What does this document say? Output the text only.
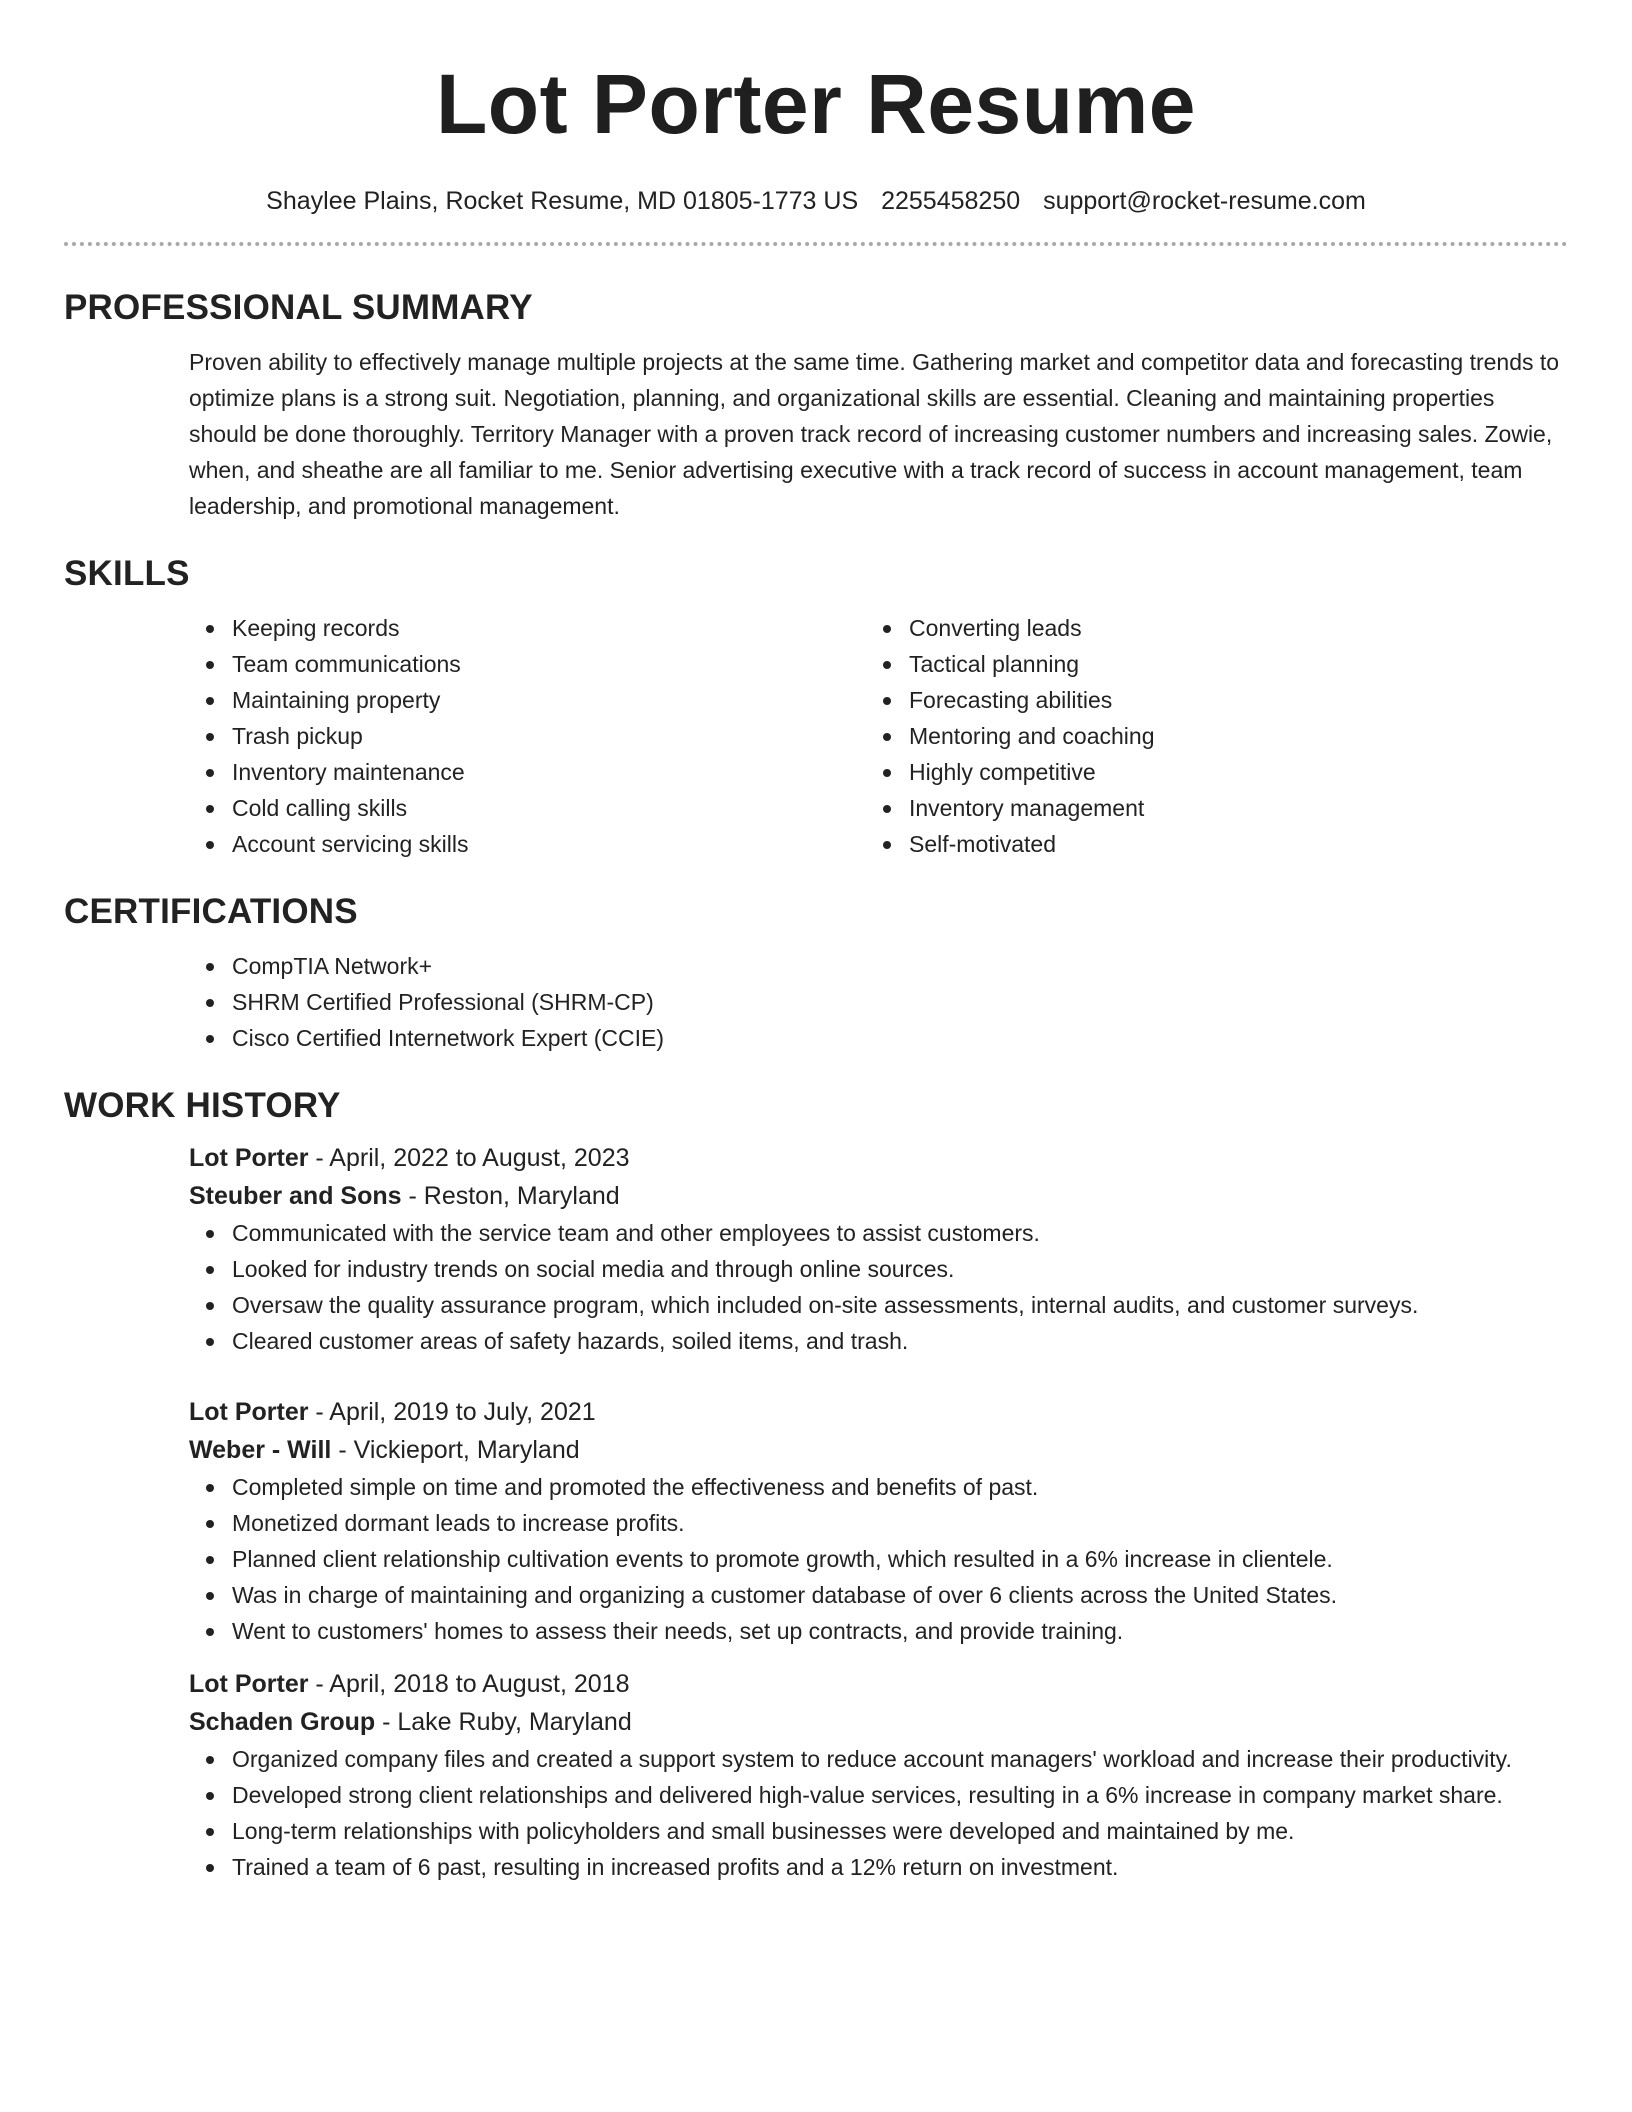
Lot Porter Resume
Shaylee Plains, Rocket Resume, MD 01805-1773 US 2255458250 support@rocket-resume.com
PROFESSIONAL SUMMARY
Proven ability to effectively manage multiple projects at the same time. Gathering market and competitor data and forecasting trends to optimize plans is a strong suit. Negotiation, planning, and organizational skills are essential. Cleaning and maintaining properties should be done thoroughly. Territory Manager with a proven track record of increasing customer numbers and increasing sales. Zowie, when, and sheathe are all familiar to me. Senior advertising executive with a track record of success in account management, team leadership, and promotional management.
SKILLS
Keeping records
Team communications
Maintaining property
Trash pickup
Inventory maintenance
Cold calling skills
Account servicing skills
Converting leads
Tactical planning
Forecasting abilities
Mentoring and coaching
Highly competitive
Inventory management
Self-motivated
CERTIFICATIONS
CompTIA Network+
SHRM Certified Professional (SHRM-CP)
Cisco Certified Internetwork Expert (CCIE)
WORK HISTORY
Lot Porter - April, 2022 to August, 2023
Steuber and Sons - Reston, Maryland
Communicated with the service team and other employees to assist customers.
Looked for industry trends on social media and through online sources.
Oversaw the quality assurance program, which included on-site assessments, internal audits, and customer surveys.
Cleared customer areas of safety hazards, soiled items, and trash.
Lot Porter - April, 2019 to July, 2021
Weber - Will - Vickieport, Maryland
Completed simple on time and promoted the effectiveness and benefits of past.
Monetized dormant leads to increase profits.
Planned client relationship cultivation events to promote growth, which resulted in a 6% increase in clientele.
Was in charge of maintaining and organizing a customer database of over 6 clients across the United States.
Went to customers' homes to assess their needs, set up contracts, and provide training.
Lot Porter - April, 2018 to August, 2018
Schaden Group - Lake Ruby, Maryland
Organized company files and created a support system to reduce account managers' workload and increase their productivity.
Developed strong client relationships and delivered high-value services, resulting in a 6% increase in company market share.
Long-term relationships with policyholders and small businesses were developed and maintained by me.
Trained a team of 6 past, resulting in increased profits and a 12% return on investment.
